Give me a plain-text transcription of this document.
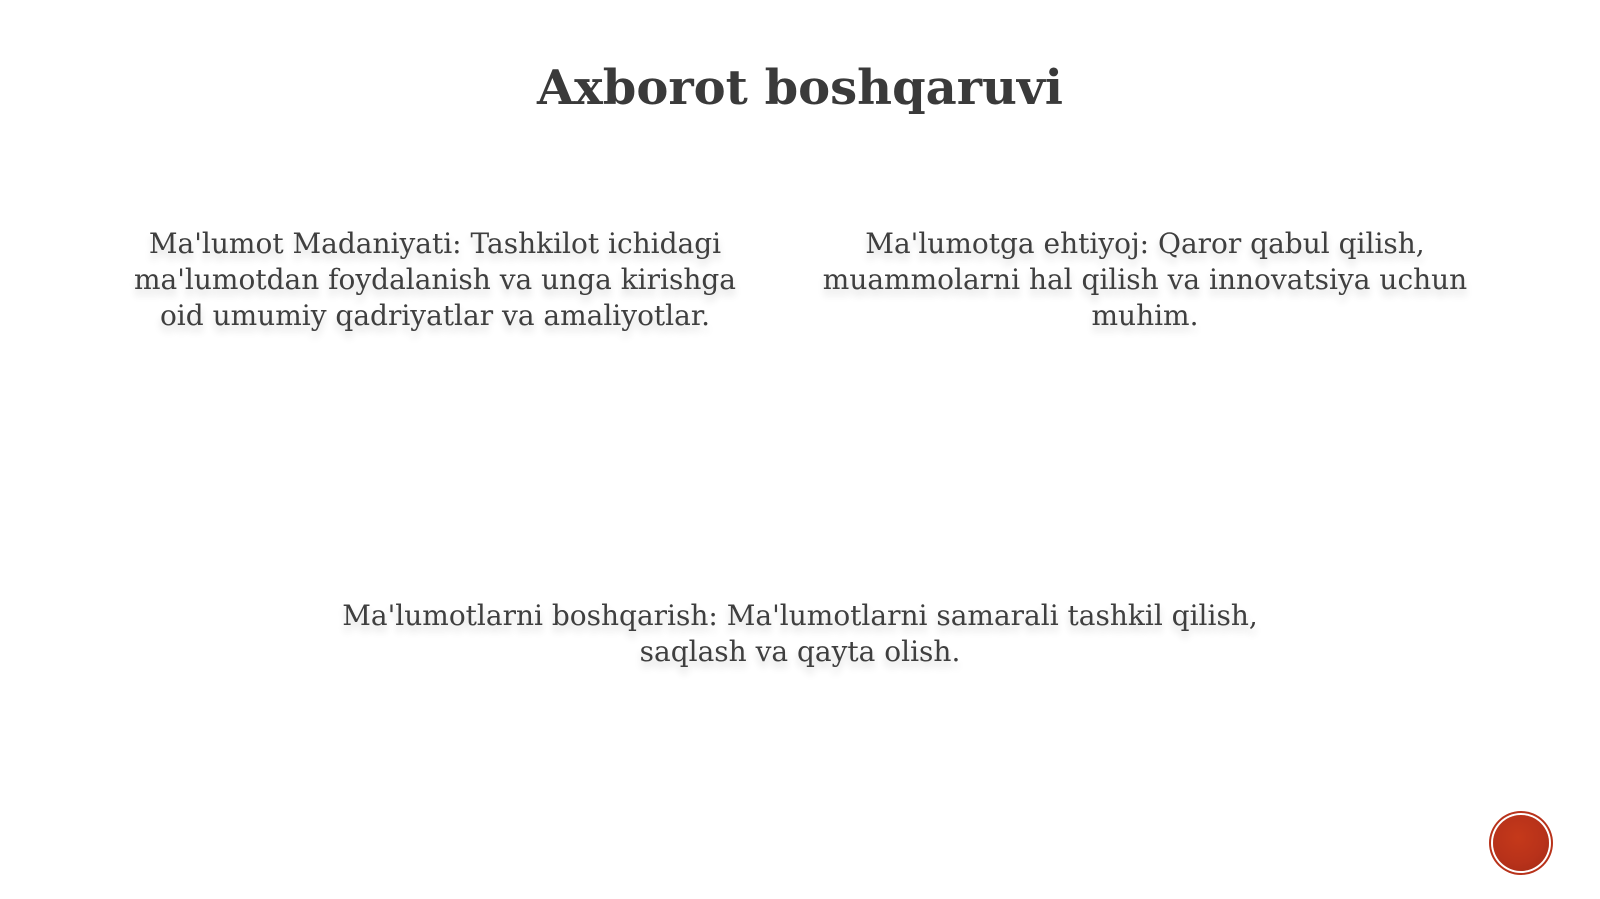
Axborot boshqaruvi
Ma'lumot Madaniyati: Tashkilot ichidagi ma'lumotdan foydalanish va unga kirishga oid umumiy qadriyatlar va amaliyotlar.
Ma'lumotga ehtiyoj: Qaror qabul qilish, muammolarni hal qilish va innovatsiya uchun muhim.
Ma'lumotlarni boshqarish: Ma'lumotlarni samarali tashkil qilish, saqlash va qayta olish.
